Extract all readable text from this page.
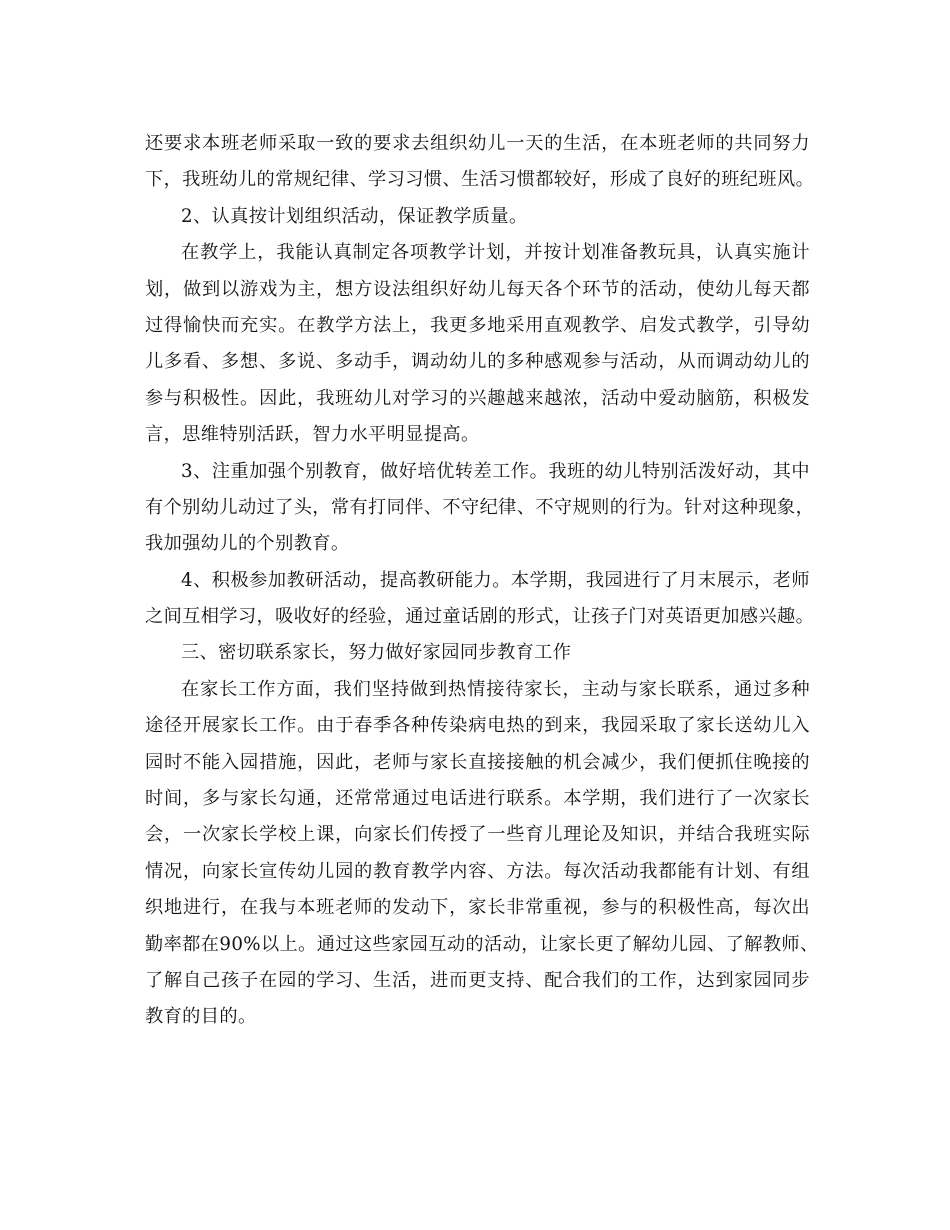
还要求本班老师采取一致的要求去组织幼儿一天的生活，在本班老师的共同努力
下，我班幼儿的常规纪律、学习习惯、生活习惯都较好，形成了良好的班纪班风。
2、认真按计划组织活动，保证教学质量。
在教学上，我能认真制定各项教学计划，并按计划准备教玩具，认真实施计
划，做到以游戏为主，想方设法组织好幼儿每天各个环节的活动，使幼儿每天都
过得愉快而充实。在教学方法上，我更多地采用直观教学、启发式教学，引导幼
儿多看、多想、多说、多动手，调动幼儿的多种感观参与活动，从而调动幼儿的
参与积极性。因此，我班幼儿对学习的兴趣越来越浓，活动中爱动脑筋，积极发
言，思维特别活跃，智力水平明显提高。
3、注重加强个别教育，做好培优转差工作。我班的幼儿特别活泼好动，其中
有个别幼儿动过了头，常有打同伴、不守纪律、不守规则的行为。针对这种现象，
我加强幼儿的个别教育。
4、积极参加教研活动，提高教研能力。本学期，我园进行了月末展示，老师
之间互相学习，吸收好的经验，通过童话剧的形式，让孩子门对英语更加感兴趣。
三、密切联系家长，努力做好家园同步教育工作
在家长工作方面，我们坚持做到热情接待家长，主动与家长联系，通过多种
途径开展家长工作。由于春季各种传染病电热的到来，我园采取了家长送幼儿入
园时不能入园措施，因此，老师与家长直接接触的机会减少，我们便抓住晚接的
时间，多与家长勾通，还常常通过电话进行联系。本学期，我们进行了一次家长
会，一次家长学校上课，向家长们传授了一些育儿理论及知识，并结合我班实际
情况，向家长宣传幼儿园的教育教学内容、方法。每次活动我都能有计划、有组
织地进行，在我与本班老师的发动下，家长非常重视，参与的积极性高，每次出
勤率都在90%以上。通过这些家园互动的活动，让家长更了解幼儿园、了解教师、
了解自己孩子在园的学习、生活，进而更支持、配合我们的工作，达到家园同步
教育的目的。
